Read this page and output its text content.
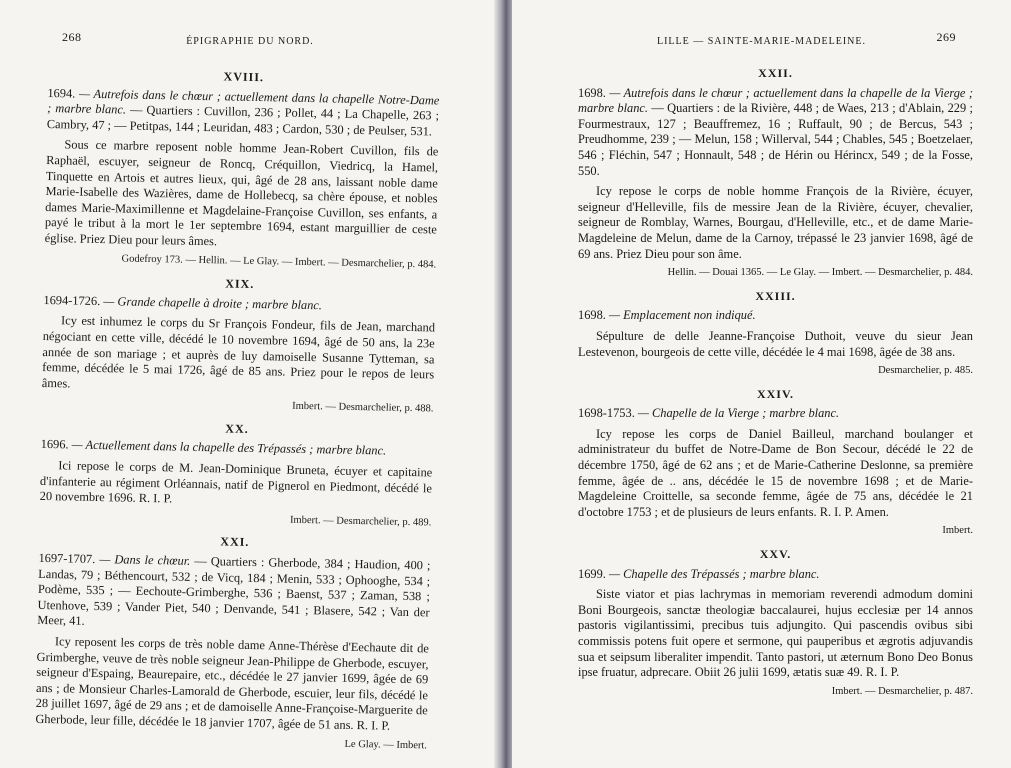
268	ÉPIGRAPHIE DU NORD.
XVIII.

1694. — Autrefois dans le chœur ; actuellement dans la chapelle Notre-Dame ; marbre blanc. — Quartiers : Cuvillon, 236 ; Pollet, 44 ; La Chapelle, 263 ; Cambry, 47 ; — Petitpas, 144 ; Leuridan, 483 ; Cardon, 530 ; de Peulser, 531.

Sous ce marbre reposent noble homme Jean-Robert Cuvillon, fils de Raphaël, escuyer, seigneur de Roncq, Créquillon, Viedricq, la Hamel, Tinquette en Artois et autres lieux, qui, âgé de 28 ans, laissant noble dame Marie-Isabelle des Wazières, dame de Hollebecq, sa chère épouse, et nobles dames Marie-Maximillenne et Magdelaine-Françoise Cuvillon, ses enfants, a payé le tribut à la mort le 1er septembre 1694, estant marguillier de ceste église. Priez Dieu pour leurs âmes.

Godefroy 173. — Hellin. — Le Glay. — Imbert. — Desmarchelier, p. 484.
XIX.

1694-1726. — Grande chapelle à droite ; marbre blanc.

Icy est inhumez le corps du Sr François Fondeur, fils de Jean, marchand négociant en cette ville, décédé le 10 novembre 1694, âgé de 50 ans, la 23e année de son mariage ; et auprès de luy damoiselle Susanne Tytteman, sa femme, décédée le 5 mai 1726, âgé de 85 ans. Priez pour le repos de leurs âmes.

Imbert. — Desmarchelier, p. 488.
XX.

1696. — Actuellement dans la chapelle des Trépassés ; marbre blanc.

Ici repose le corps de M. Jean-Dominique Bruneta, écuyer et capitaine d'infanterie au régiment Orléannais, natif de Pignerol en Piedmont, décédé le 20 novembre 1696. R. I. P.

Imbert. — Desmarchelier, p. 489.
XXI.

1697-1707. — Dans le chœur. — Quartiers : Gherbode, 384 ; Haudion, 400 ; Landas, 79 ; Béthencourt, 532 ; de Vicq, 184 ; Menin, 533 ; Ophooghe, 534 ; Podème, 535 ; — Eechoute-Grimberghe, 536 ; Baenst, 537 ; Zaman, 538 ; Utenhove, 539 ; Vander Piet, 540 ; Denvande, 541 ; Blasere, 542 ; Van der Meer, 41.

Icy reposent les corps de très noble dame Anne-Thérèse d'Eechaute dit de Grimberghe, veuve de très noble seigneur Jean-Philippe de Gherbode, escuyer, seigneur d'Espaing, Beaurepaire, etc., décédée le 27 janvier 1699, âgée de 69 ans ; de Monsieur Charles-Lamorald de Gherbode, escuier, leur fils, décédé le 28 juillet 1697, âgé de 29 ans ; et de damoiselle Anne-Françoise-Marguerite de Gherbode, leur fille, décédée le 18 janvier 1707, âgée de 51 ans. R. I. P.

Le Glay. — Imbert.
LILLE — SAINTE-MARIE-MADELEINE.	269
XXII.

1698. — Autrefois dans le chœur ; actuellement dans la chapelle de la Vierge ; marbre blanc. — Quartiers : de la Rivière, 448 ; de Waes, 213 ; d'Ablain, 229 ; Fourmestraux, 127 ; Beauffremez, 16 ; Ruffault, 90 ; de Bercus, 543 ; Preudhomme, 239 ; — Melun, 158 ; Willerval, 544 ; Chables, 545 ; Boetzelaer, 546 ; Fléchin, 547 ; Honnault, 548 ; de Hérin ou Hérincx, 549 ; de la Fosse, 550.

Icy repose le corps de noble homme François de la Rivière, écuyer, seigneur d'Helleville, fils de messire Jean de la Rivière, écuyer, chevalier, seigneur de Romblay, Warnes, Bourgau, d'Helleville, etc., et de dame Marie-Magdeleine de Melun, dame de la Carnoy, trépassé le 23 janvier 1698, âgé de 69 ans. Priez Dieu pour son âme.

Hellin. — Douai 1365. — Le Glay. — Imbert. — Desmarchelier, p. 484.
XXIII.

1698. — Emplacement non indiqué.

Sépulture de delle Jeanne-Françoise Duthoit, veuve du sieur Jean Lestevenon, bourgeois de cette ville, décédée le 4 mai 1698, âgée de 38 ans.

Desmarchelier, p. 485.
XXIV.

1698-1753. — Chapelle de la Vierge ; marbre blanc.

Icy repose les corps de Daniel Bailleul, marchand boulanger et administrateur du buffet de Notre-Dame de Bon Secour, décédé le 22 de décembre 1750, âgé de 62 ans ; et de Marie-Catherine Deslonne, sa première femme, âgée de .. ans, décédée le 15 de novembre 1698 ; et de Marie-Magdeleine Croittelle, sa seconde femme, âgée de 75 ans, décédée le 21 d'octobre 1753 ; et de plusieurs de leurs enfants. R. I. P. Amen.

Imbert.
XXV.

1699. — Chapelle des Trépassés ; marbre blanc.

Siste viator et pias lachrymas in memoriam reverendi admodum domini Boni Bourgeois, sanctæ theologiæ baccalaurei, hujus ecclesiæ per 14 annos pastoris vigilantissimi, precibus tuis adjungito. Qui pascendis ovibus sibi commissis potens fuit opere et sermone, qui pauperibus et ægrotis adjuvandis sua et seipsum liberaliter impendit. Tanto pastori, ut æternum Bono Deo Bonus ipse fruatur, adprecare. Obiit 26 julii 1699, ætatis suæ 49. R. I. P.

Imbert. — Desmarchelier, p. 487.
